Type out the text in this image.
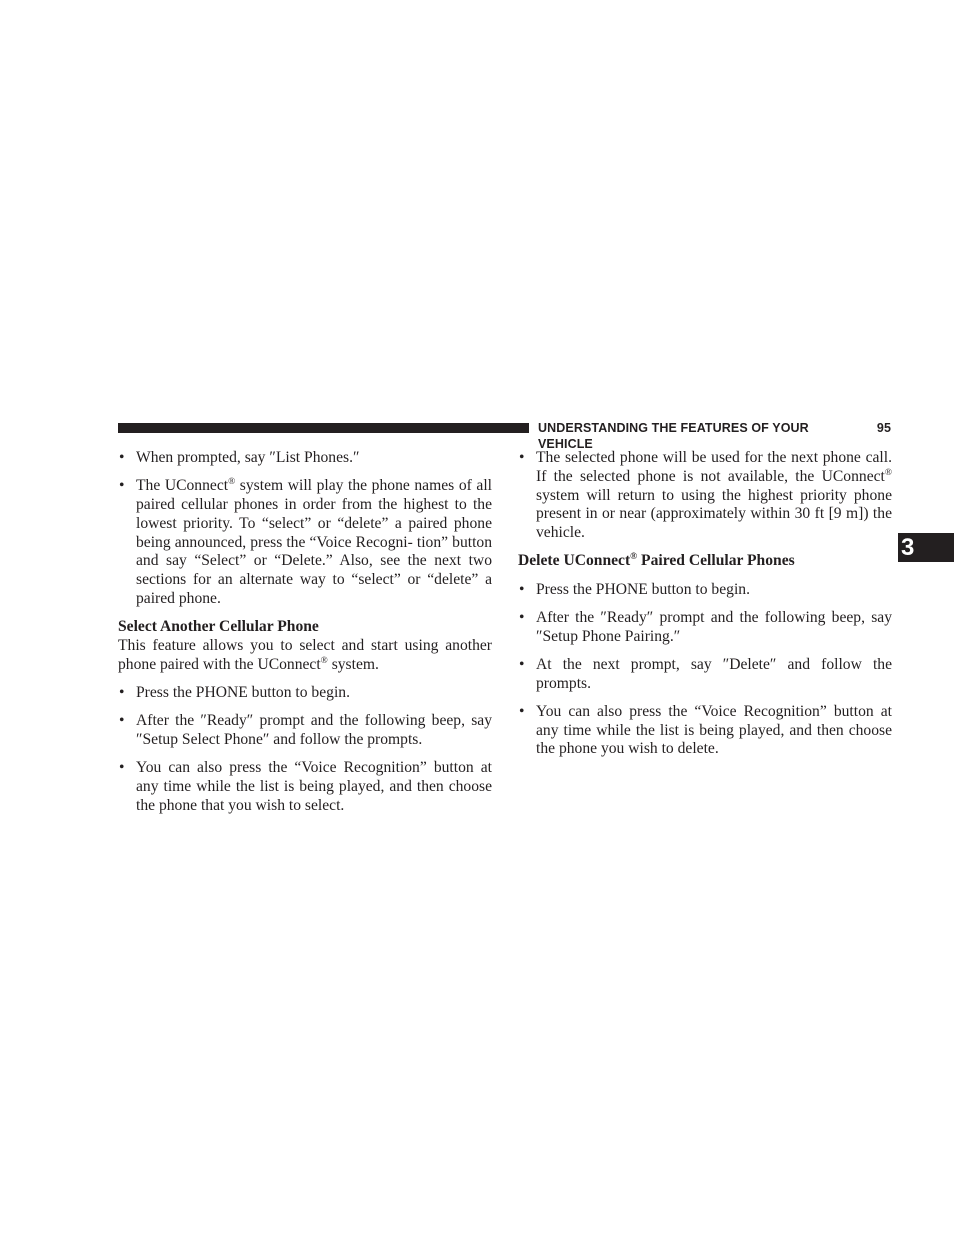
UNDERSTANDING THE FEATURES OF YOUR VEHICLE
95
3
• When prompted, say ″List Phones.″
• The UConnect® system will play the phone names of all paired cellular phones in order from the highest to the lowest priority. To “select” or “delete” a paired phone being announced, press the “Voice Recogni- tion” button and say “Select” or “Delete.” Also, see the next two sections for an alternate way to “select” or “delete” a paired phone.

Select Another Cellular Phone

This feature allows you to select and start using another phone paired with the UConnect® system.

• Press the PHONE button to begin.
• After the ″Ready″ prompt and the following beep, say ″Setup Select Phone″ and follow the prompts.
• You can also press the “Voice Recognition” button at any time while the list is being played, and then choose the phone that you wish to select.
• The selected phone will be used for the next phone call. If the selected phone is not available, the UConnect® system will return to using the highest priority phone present in or near (approximately within 30 ft [9 m]) the vehicle.

Delete UConnect® Paired Cellular Phones

• Press the PHONE button to begin.
• After the ″Ready″ prompt and the following beep, say ″Setup Phone Pairing.″
• At the next prompt, say ″Delete″ and follow the prompts.
• You can also press the “Voice Recognition” button at any time while the list is being played, and then choose the phone you wish to delete.
